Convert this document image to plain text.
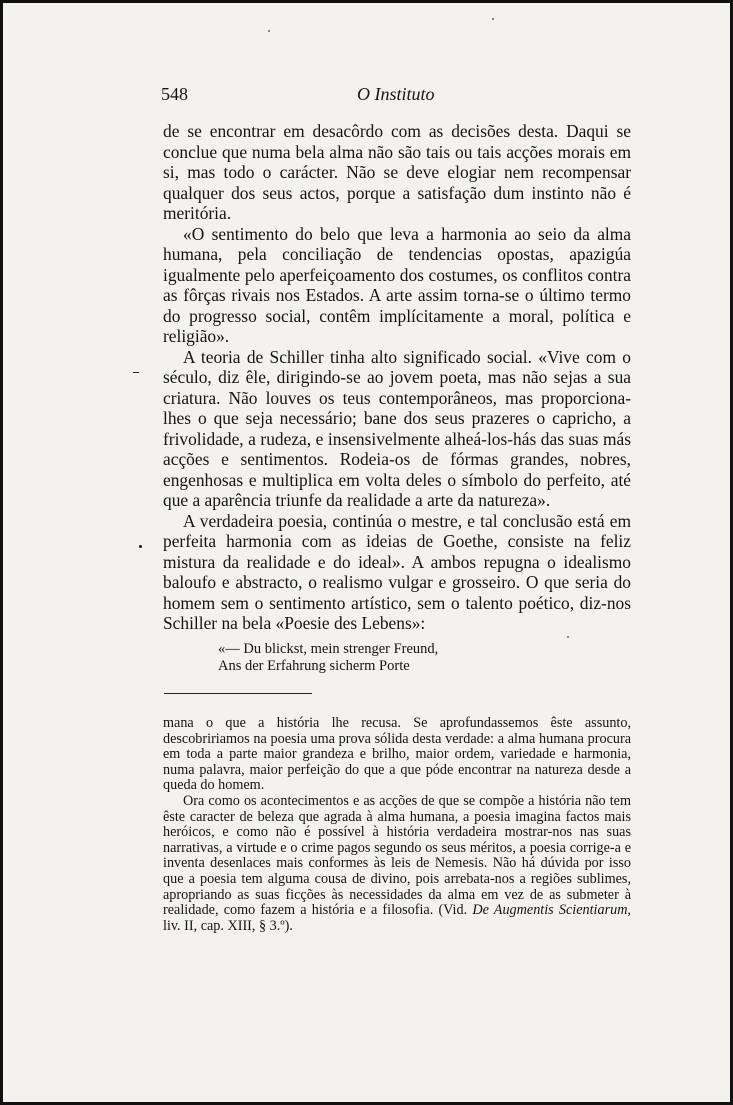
548	O Instituto

de se encontrar em desacôrdo com as decisões desta. Daqui se conclue que numa bela alma não são tais ou tais acções morais em si, mas todo o carácter. Não se deve elogiar nem recompensar qualquer dos seus actos, porque a satisfação dum instinto não é meritória.

«O sentimento do belo que leva a harmonia ao seio da alma humana, pela conciliação de tendencias opostas, apazigúa igualmente pelo aperfeiçoamento dos costumes, os conflitos contra as fôrças rivais nos Estados. A arte assim torna-se o último termo do progresso social, contêm implícitamente a moral, política e religião».

A teoria de Schiller tinha alto significado social. «Vive com o século, diz êle, dirigindo-se ao jovem poeta, mas não sejas a sua criatura. Não louves os teus contemporâneos, mas proporciona-lhes o que seja necessário; bane dos seus prazeres o capricho, a frivolidade, a rudeza, e insensivelmente alheá-los-hás das suas más acções e sentimentos. Rodeia-os de fórmas grandes, nobres, engenhosas e multiplica em volta deles o símbolo do perfeito, até que a aparência triunfe da realidade a arte da natureza».

A verdadeira poesia, continúa o mestre, e tal conclusão está em perfeita harmonia com as ideias de Goethe, consiste na feliz mistura da realidade e do ideal». A ambos repugna o idealismo baloufo e abstracto, o realismo vulgar e grosseiro. O que seria do homem sem o sentimento artístico, sem o talento poético, diz-nos Schiller na bela «Poesie des Lebens»:

«— Du blickst, mein strenger Freund,
Ans der Erfahrung sicherm Porte

mana o que a história lhe recusa. Se aprofundassemos êste assunto, descobririamos na poesia uma prova sólida desta verdade: a alma humana procura em toda a parte maior grandeza e brilho, maior ordem, variedade e harmonia, numa palavra, maior perfeição do que a que póde encontrar na natureza desde a queda do homem.

Ora como os acontecimentos e as acções de que se compõe a história não tem êste caracter de beleza que agrada à alma humana, a poesia imagina factos mais heróicos, e como não é possível à história verdadeira mostrar-nos nas suas narrativas, a virtude e o crime pagos segundo os seus méritos, a poesia corrige-a e inventa desenlaces mais conformes às leis de Nemesis. Não há dúvida por isso que a poesia tem alguma cousa de divino, pois arrebata-nos a regiões sublimes, apropriando as suas ficções às necessidades da alma em vez de as submeter à realidade, como fazem a história e a filosofia. (Vid. De Augmentis Scientiarum, liv. II, cap. XIII, § 3.º).
